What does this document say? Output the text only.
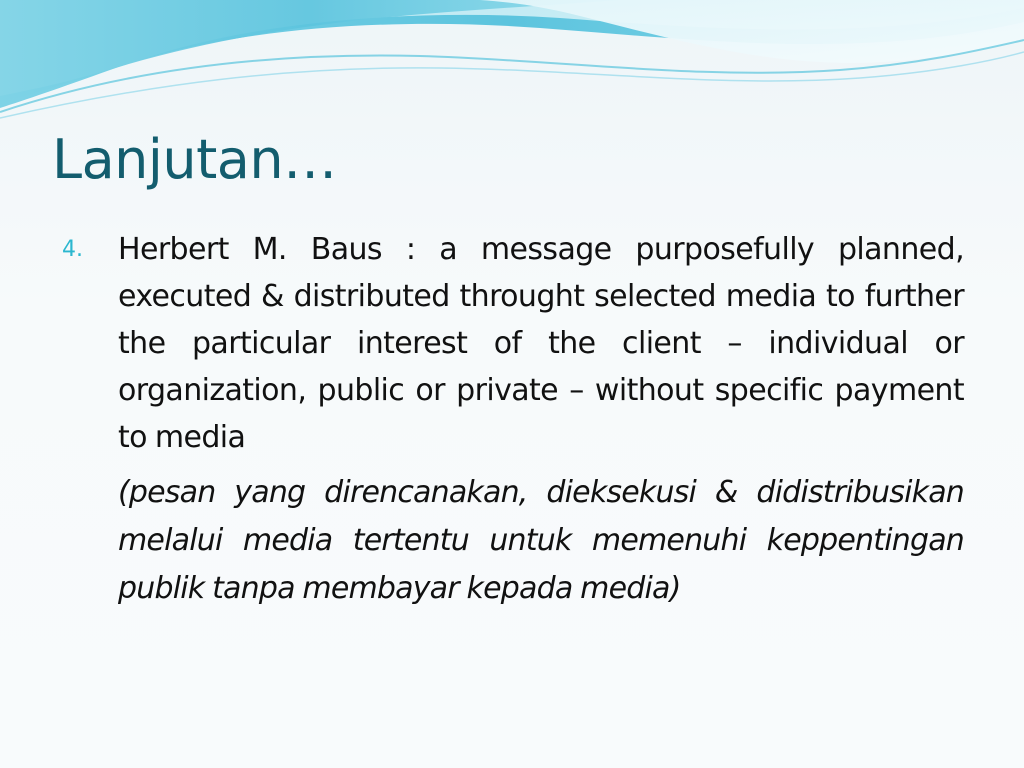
Lanjutan…
4.	Herbert M. Baus : a message purposefully planned, executed & distributed throught selected media to further the particular interest of the client – individual or organization, public or private – without specific payment to media

(pesan yang direncanakan, dieksekusi & didistribusikan melalui media tertentu untuk memenuhi keppentingan publik tanpa membayar kepada media)
